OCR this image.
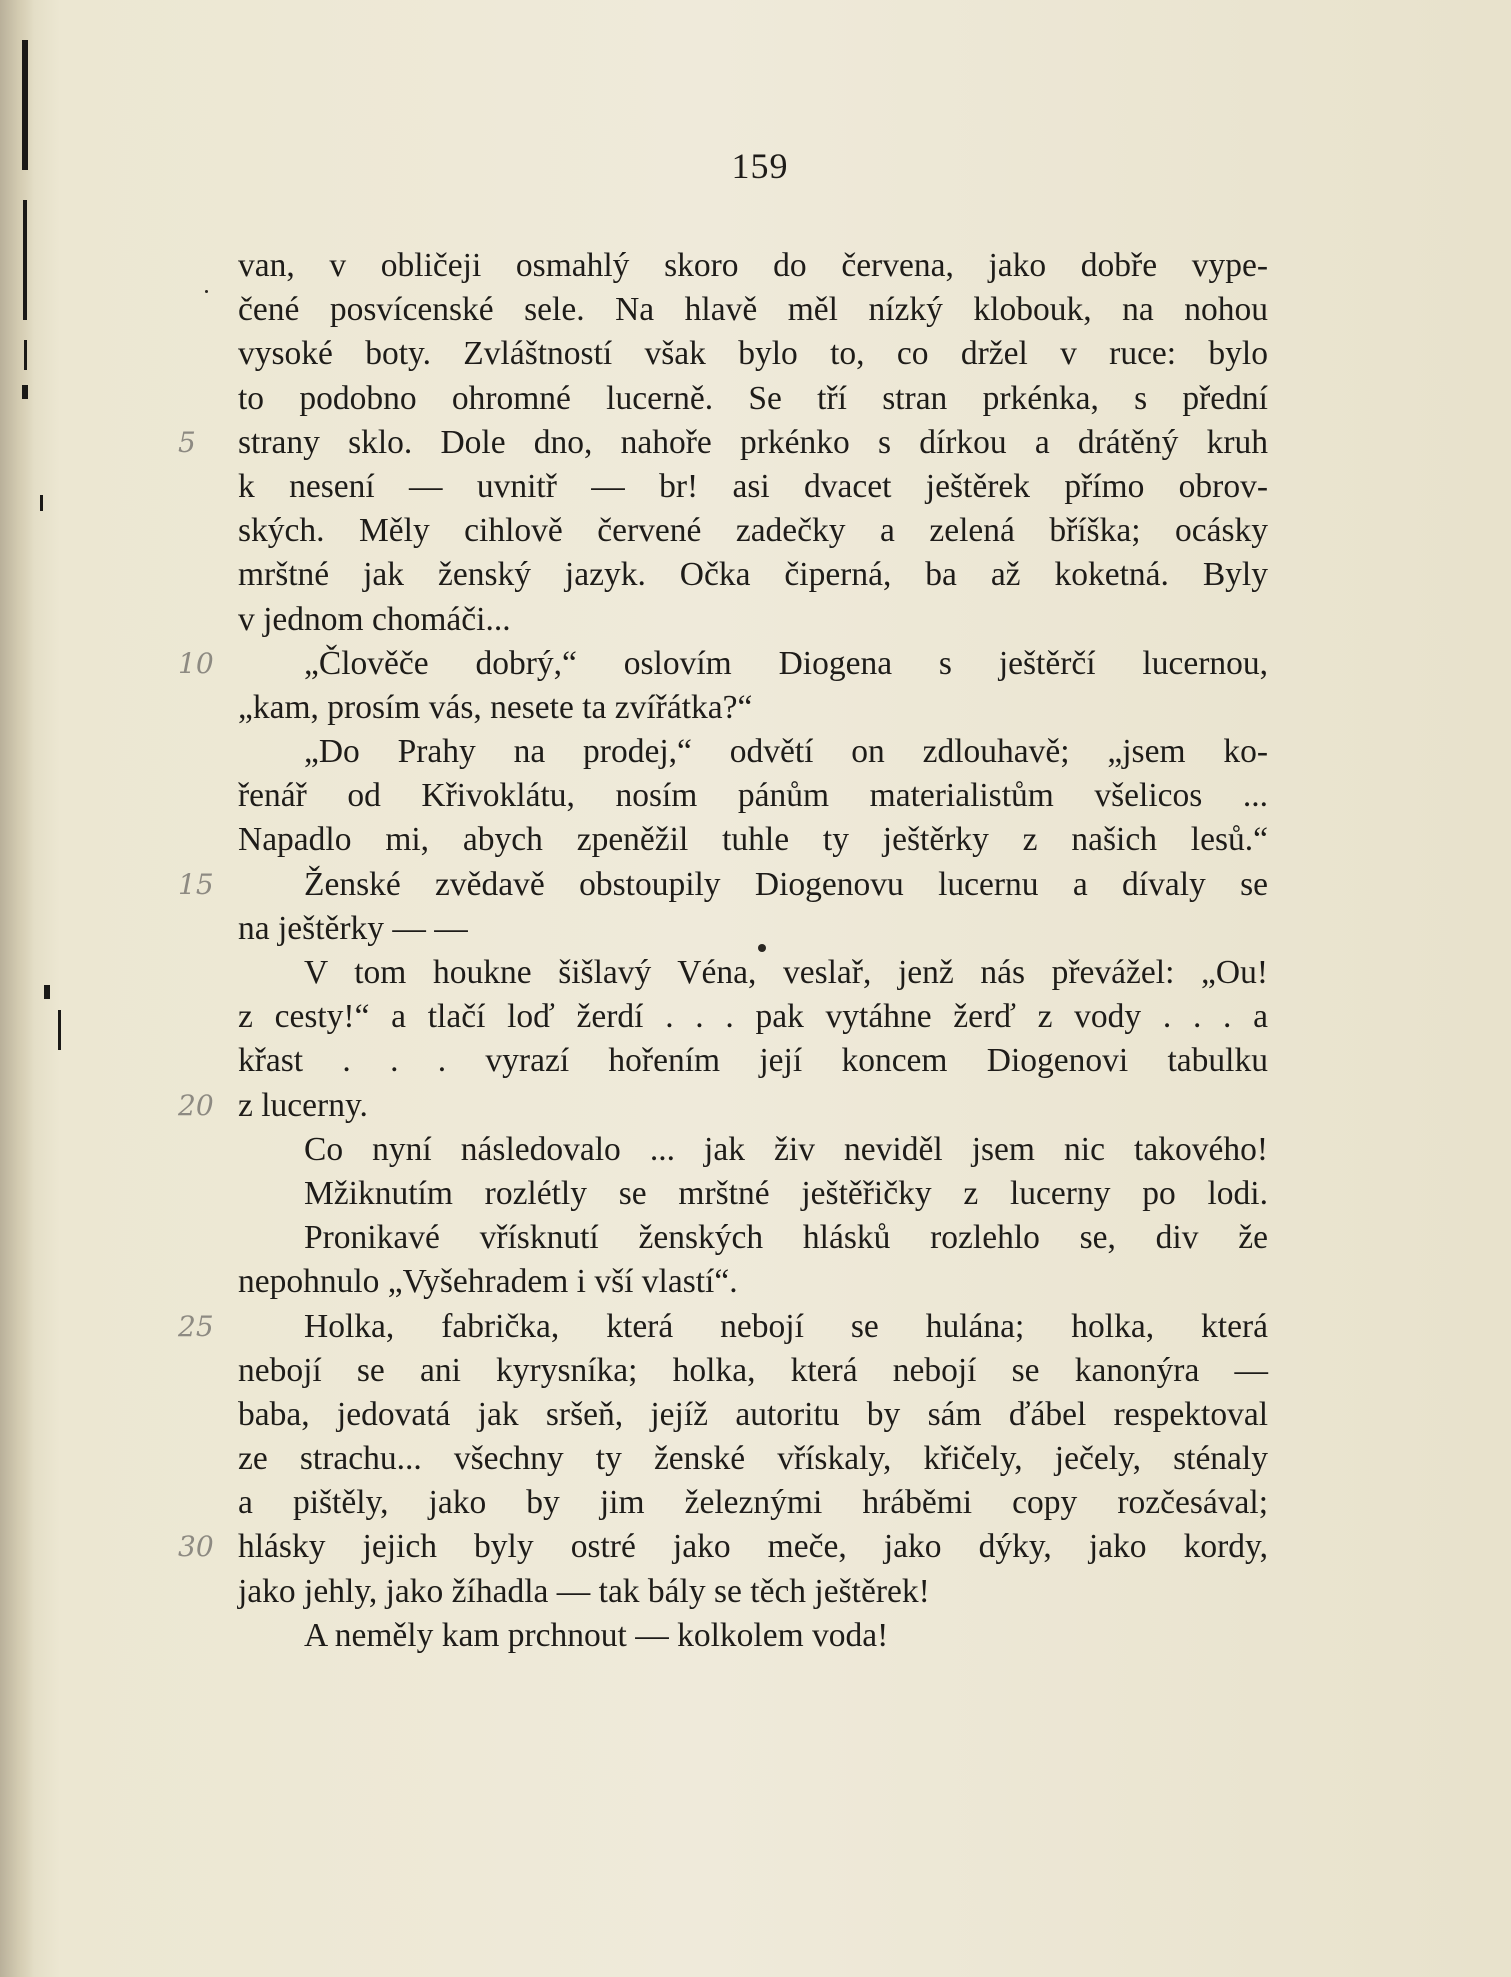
159
van, v obličeji osmahlý skoro do červena, jako dobře vype-
čené posvícenské sele. Na hlavě měl nízký klobouk, na nohou
vysoké boty. Zvláštností však bylo to, co držel v ruce: bylo
to podobno ohromné lucerně. Se tří stran prkénka, s přední
strany sklo. Dole dno, nahoře prkénko s dírkou a drátěný kruh
5
k nesení — uvnitř — br! asi dvacet ještěrek přímo obrov-
ských. Měly cihlově červené zadečky a zelená bříška; ocásky
mrštné jak ženský jazyk. Očka čiperná, ba až koketná. Byly
v jednom chomáči...
„Člověče dobrý,“ oslovím Diogena s ještěrčí lucernou,
10
„kam, prosím vás, nesete ta zvířátka?“
„Do Prahy na prodej,“ odvětí on zdlouhavě; „jsem ko-
řenář od Křivoklátu, nosím pánům materialistům všelicos ...
Napadlo mi, abych zpeněžil tuhle ty ještěrky z našich lesů.“
Ženské zvědavě obstoupily Diogenovu lucernu a dívaly se
15
na ještěrky — —
V tom houkne šišlavý Véna, veslař, jenž nás převážel: „Ou!
z cesty!“ a tlačí loď žerdí . . . pak vytáhne žerď z vody . . . a
křast . . . vyrazí hořením její koncem Diogenovi tabulku
z lucerny.
20
Co nyní následovalo ... jak živ neviděl jsem nic takového!
Mžiknutím rozlétly se mrštné ještěřičky z lucerny po lodi.
Pronikavé vřísknutí ženských hlásků rozlehlo se, div že
nepohnulo „Vyšehradem i vší vlastí“.
Holka, fabrička, která nebojí se hulána; holka, která
25
nebojí se ani kyrysníka; holka, která nebojí se kanonýra —
baba, jedovatá jak sršeň, jejíž autoritu by sám ďábel respektoval
ze strachu... všechny ty ženské vřískaly, křičely, ječely, sténaly
a pištěly, jako by jim železnými hráběmi copy rozčesával;
hlásky jejich byly ostré jako meče, jako dýky, jako kordy,
30
jako jehly, jako žíhadla — tak bály se těch ještěrek!
A neměly kam prchnout — kolkolem voda!
